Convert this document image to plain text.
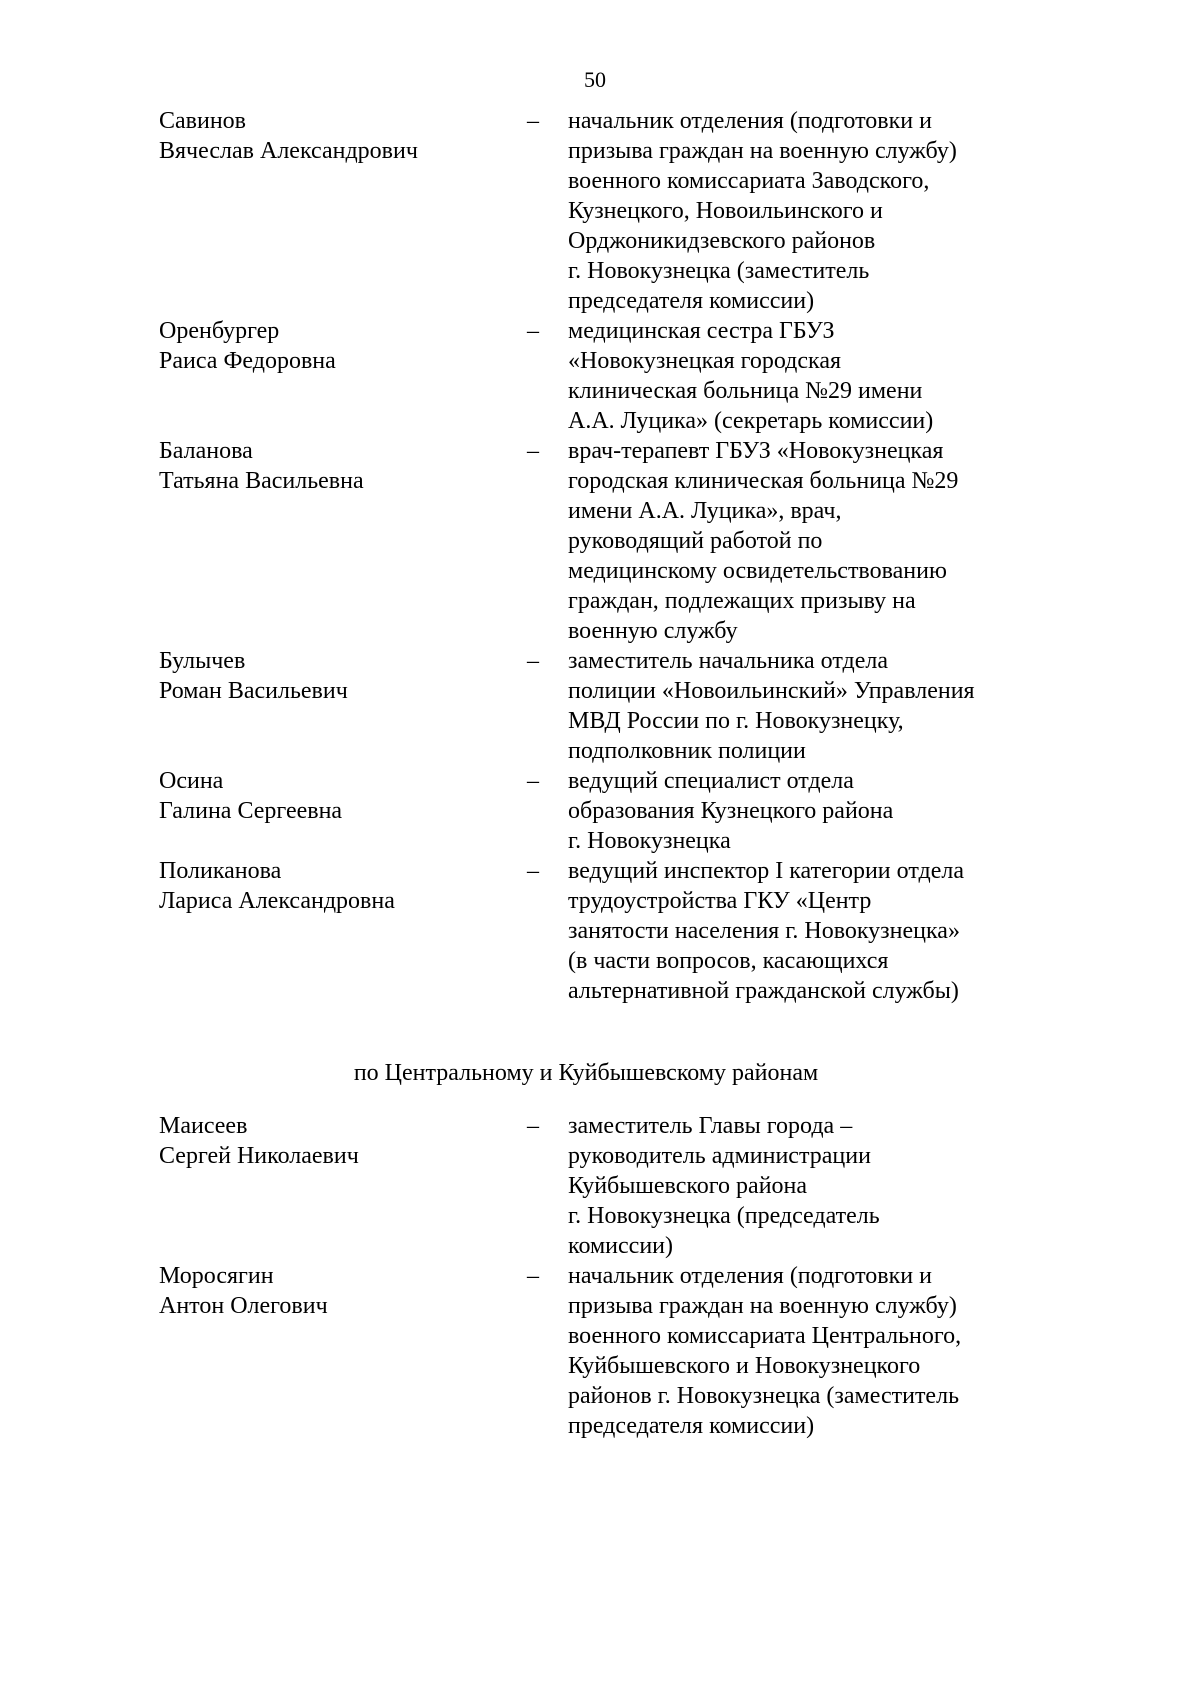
50
Савинов
Вячеслав Александрович
– начальник отделения (подготовки и
призыва граждан на военную службу)
военного комиссариата Заводского,
Кузнецкого, Новоильинского и
Орджоникидзевского районов
г. Новокузнецка (заместитель
председателя комиссии)
Оренбургер
Раиса Федоровна
– медицинская сестра ГБУЗ
«Новокузнецкая городская
клиническая больница №29 имени
А.А. Луцика» (секретарь комиссии)
Баланова
Татьяна Васильевна
– врач-терапевт ГБУЗ «Новокузнецкая
городская клиническая больница №29
имени А.А. Луцика», врач,
руководящий работой по
медицинскому освидетельствованию
граждан, подлежащих призыву на
военную службу
Булычев
Роман Васильевич
– заместитель начальника отдела
полиции «Новоильинский» Управления
МВД России по г. Новокузнецку,
подполковник полиции
Осина
Галина Сергеевна
– ведущий специалист отдела
образования Кузнецкого района
г. Новокузнецка
Поликанова
Лариса Александровна
– ведущий инспектор I категории отдела
трудоустройства ГКУ «Центр
занятости населения г. Новокузнецка»
(в части вопросов, касающихся
альтернативной гражданской службы)
по Центральному и Куйбышевскому районам
Маисеев
Сергей Николаевич
– заместитель Главы города –
руководитель администрации
Куйбышевского района
г. Новокузнецка (председатель
комиссии)
Моросягин
Антон Олегович
– начальник отделения (подготовки и
призыва граждан на военную службу)
военного комиссариата Центрального,
Куйбышевского и Новокузнецкого
районов г. Новокузнецка (заместитель
председателя комиссии)
